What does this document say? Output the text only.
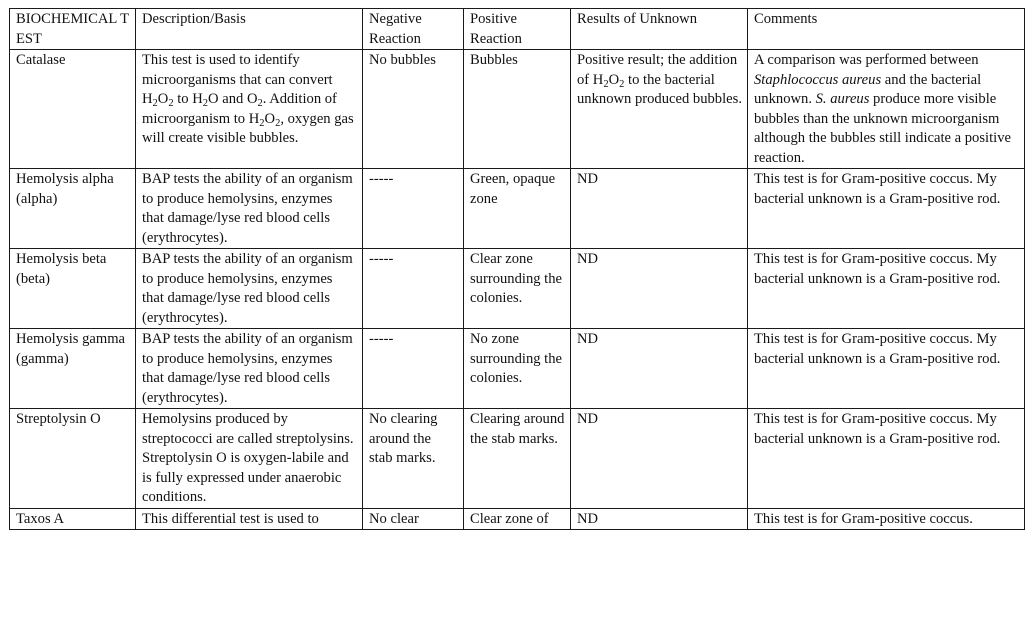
BIOCHEMICAL TEST	Description/Basis	Negative Reaction	Positive Reaction	Results of Unknown	Comments
Catalase	This test is used to identify microorganisms that can convert $H_2O_2$ to $H_2O$ and $O_2$. Addition of microorganism to $H_2O_2$, oxygen gas will create visible bubbles.	No bubbles	Bubbles	Positive result; the addition of $H_2O_2$ to the bacterial unknown produced bubbles.	A comparison was performed between Staphlococcus aureus and the bacterial unknown. S. aureus produce more visible bubbles than the unknown microorganism although the bubbles still indicate a positive reaction.
Hemolysis alpha (alpha)	BAP tests the ability of an organism to produce hemolysins, enzymes that damage/lyse red blood cells (erythrocytes).	-----	Green, opaque zone	ND	This test is for Gram-positive coccus. My bacterial unknown is a Gram-positive rod.
Hemolysis beta (beta)	BAP tests the ability of an organism to produce hemolysins, enzymes that damage/lyse red blood cells (erythrocytes).	-----	Clear zone surrounding the colonies.	ND	This test is for Gram-positive coccus. My bacterial unknown is a Gram-positive rod.
Hemolysis gamma (gamma)	BAP tests the ability of an organism to produce hemolysins, enzymes that damage/lyse red blood cells (erythrocytes).	-----	No zone surrounding the colonies.	ND	This test is for Gram-positive coccus. My bacterial unknown is a Gram-positive rod.
Streptolysin O	Hemolysins produced by streptococci are called streptolysins. Streptolysin O is oxygen-labile and is fully expressed under anaerobic conditions.	No clearing around the stab marks.	Clearing around the stab marks.	ND	This test is for Gram-positive coccus. My bacterial unknown is a Gram-positive rod.
Taxos A	This differential test is used to	No clear	Clear zone of	ND	This test is for Gram-positive coccus.
